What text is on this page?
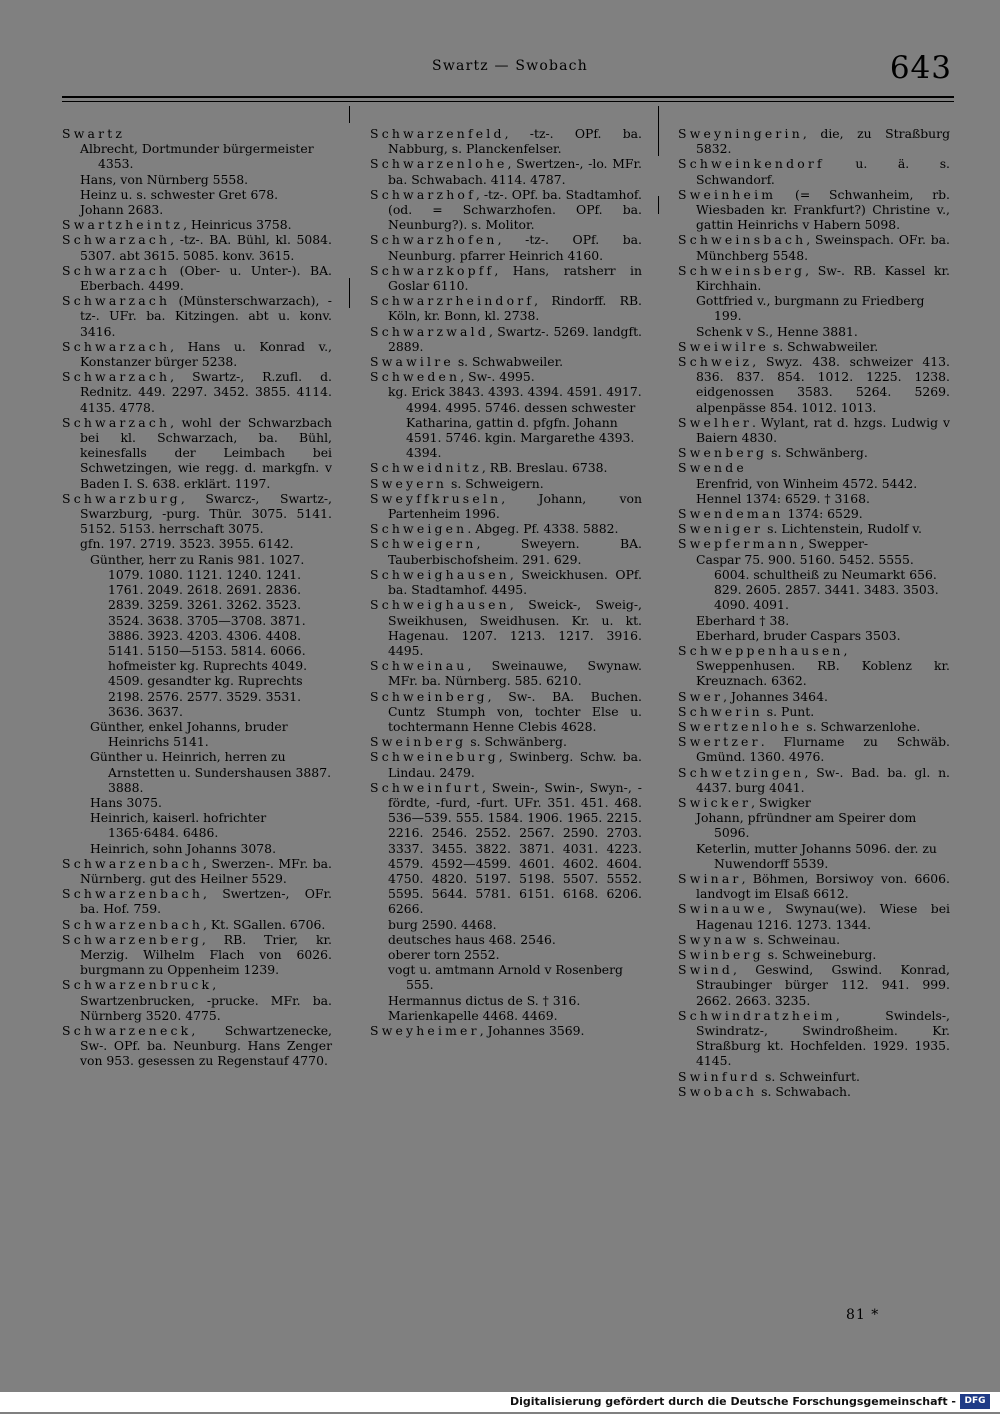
Swartz — Swobach	643

Swartz

Albrecht, Dortmunder bürgermeister 4353.

Hans, von Nürnberg 5558.

Heinz u. s. schwester Gret 678.

Johann 2683.

Swartzheintz, Heinricus 3758.

Schwarzach, -tz-. BA. Bühl, kl. 5084. 5307. abt 3615. 5085. konv. 3615.

Schwarzach (Ober- u. Unter-). BA. Eberbach. 4499.

Schwarzach (Münsterschwarzach), -tz-. UFr. ba. Kitzingen. abt u. konv. 3416.

Schwarzach, Hans u. Konrad v., Konstanzer bürger 5238.

Schwarzach, Swartz-, R.zufl. d. Rednitz. 449. 2297. 3452. 3855. 4114. 4135. 4778.

Schwarzach, wohl der Schwarzbach bei kl. Schwarzach, ba. Bühl, keinesfalls der Leimbach bei Schwetzingen, wie regg. d. markgfn. v Baden I. S. 638. erklärt. 1197.

Schwarzburg, Swarcz-, Swartz-, Swarzburg, -purg. Thür. 3075. 5141. 5152. 5153. herrschaft 3075.

gfn. 197. 2719. 3523. 3955. 6142.

Günther, herr zu Ranis 981. 1027. 1079. 1080. 1121. 1240. 1241. 1761. 2049. 2618. 2691. 2836. 2839. 3259. 3261. 3262. 3523. 3524. 3638. 3705—3708. 3871. 3886. 3923. 4203. 4306. 4408. 5141. 5150—5153. 5814. 6066. hofmeister kg. Ruprechts 4049. 4509. gesandter kg. Ruprechts 2198. 2576. 2577. 3529. 3531. 3636. 3637.

Günther, enkel Johanns, bruder Heinrichs 5141.

Günther u. Heinrich, herren zu Arnstetten u. Sundershausen 3887. 3888.

Hans 3075.

Heinrich, kaiserl. hofrichter 1365·6484. 6486.

Heinrich, sohn Johanns 3078.

Schwarzenbach, Swerzen-. MFr. ba. Nürnberg. gut des Heilner 5529.

Schwarzenbach, Swertzen-, OFr. ba. Hof. 759.

Schwarzenbach, Kt. SGallen. 6706.

Schwarzenberg, RB. Trier, kr. Merzig. Wilhelm Flach von 6026. burgmann zu Oppenheim 1239.

Schwarzenbruck, Swartzenbrucken, -prucke. MFr. ba. Nürnberg 3520. 4775.

Schwarzeneck, Schwartzenecke, Sw-. OPf. ba. Neunburg. Hans Zenger von 953. gesessen zu Regenstauf 4770.

Schwarzenfeld, -tz-. OPf. ba. Nabburg, s. Planckenfelser.

Schwarzenlohe, Swertzen-, -lo. MFr. ba. Schwabach. 4114. 4787.

Schwarzhof, -tz-. OPf. ba. Stadtamhof. (od. = Schwarzhofen. OPf. ba. Neunburg?). s. Molitor.

Schwarzhofen, -tz-. OPf. ba. Neunburg. pfarrer Heinrich 4160.

Schwarzkopff, Hans, ratsherr in Goslar 6110.

Schwarzrheindorf, Rindorff. RB. Köln, kr. Bonn, kl. 2738.

Schwarzwald, Swartz-. 5269. landgft. 2889.

Swawilre s. Schwabweiler.

Schweden, Sw-. 4995.

kg. Erick 3843. 4393. 4394. 4591. 4917. 4994. 4995. 5746. dessen schwester Katharina, gattin d. pfgfn. Johann 4591. 5746. kgin. Margarethe 4393. 4394.

Schweidnitz, RB. Breslau. 6738.

Sweyern s. Schweigern.

Sweyffkruseln, Johann, von Partenheim 1996.

Schweigen. Abgeg. Pf. 4338. 5882.

Schweigern, Sweyern. BA. Tauberbischofsheim. 291. 629.

Schweighausen, Sweickhusen. OPf. ba. Stadtamhof. 4495.

Schweighausen, Sweick-, Sweig-, Sweikhusen, Sweidhusen. Kr. u. kt. Hagenau. 1207. 1213. 1217. 3916. 4495.

Schweinau, Sweinauwe, Swynaw. MFr. ba. Nürnberg. 585. 6210.

Schweinberg, Sw-. BA. Buchen. Cuntz Stumph von, tochter Else u. tochtermann Henne Clebis 4628.

Sweinberg s. Schwänberg.

Schweineburg, Swinberg. Schw. ba. Lindau. 2479.

Schweinfurt, Swein-, Swin-, Swyn-, -fördte, -furd, -furt. UFr. 351. 451. 468. 536—539. 555. 1584. 1906. 1965. 2215. 2216. 2546. 2552. 2567. 2590. 2703. 3337. 3455. 3822. 3871. 4031. 4223. 4579. 4592—4599. 4601. 4602. 4604. 4750. 4820. 5197. 5198. 5507. 5552. 5595. 5644. 5781. 6151. 6168. 6206. 6266.

burg 2590. 4468.

deutsches haus 468. 2546.

oberer torn 2552.

vogt u. amtmann Arnold v Rosenberg 555.

Hermannus dictus de S. † 316.

Marienkapelle 4468. 4469.

Sweyheimer, Johannes 3569.

Sweyningerin, die, zu Straßburg 5832.

Schweinkendorf u. ä. s. Schwandorf.

Sweinheim (= Schwanheim, rb. Wiesbaden kr. Frankfurt?) Christine v., gattin Heinrichs v Habern 5098.

Schweinsbach, Sweinspach. OFr. ba. Münchberg 5548.

Schweinsberg, Sw-. RB. Kassel kr. Kirchhain.

Gottfried v., burgmann zu Friedberg 199.

Schenk v S., Henne 3881.

Sweiwilre s. Schwabweiler.

Schweiz, Swyz. 438. schweizer 413. 836. 837. 854. 1012. 1225. 1238. eidgenossen 3583. 5264. 5269. alpenpässe 854. 1012. 1013.

Swelher. Wylant, rat d. hzgs. Ludwig v Baiern 4830.

Swenberg s. Schwänberg.

Swende

Erenfrid, von Winheim 4572. 5442.

Hennel 1374: 6529. † 3168.

Swendeman 1374: 6529.

Sweniger s. Lichtenstein, Rudolf v.

Swepfermann, Swepper-

Caspar 75. 900. 5160. 5452. 5555. 6004. schultheiß zu Neumarkt 656. 829. 2605. 2857. 3441. 3483. 3503. 4090. 4091.

Eberhard † 38.

Eberhard, bruder Caspars 3503.

Schweppenhausen, Sweppenhusen. RB. Koblenz kr. Kreuznach. 6362.

Swer, Johannes 3464.

Schwerin s. Punt.

Swertzenlohe s. Schwarzenlohe.

Swertzer. Flurname zu Schwäb. Gmünd. 1360. 4976.

Schwetzingen, Sw-. Bad. ba. gl. n. 4437. burg 4041.

Swicker, Swigker

Johann, pfründner am Speirer dom 5096.

Keterlin, mutter Johanns 5096. der. zu Nuwendorff 5539.

Swinar, Böhmen, Borsiwoy von. 6606. landvogt im Elsaß 6612.

Swinauwe, Swynau(we). Wiese bei Hagenau 1216. 1273. 1344.

Swynaw s. Schweinau.

Swinberg s. Schweineburg.

Swind, Geswind, Gswind. Konrad, Straubinger bürger 112. 941. 999. 2662. 2663. 3235.

Schwindratzheim, Swindels-, Swindratz-, Swindroßheim. Kr. Straßburg kt. Hochfelden. 1929. 1935. 4145.

Swinfurd s. Schweinfurt.

Swobach s. Schwabach.

81 *
Digitalisierung gefördert durch die Deutsche Forschungsgemeinschaft - DFG
